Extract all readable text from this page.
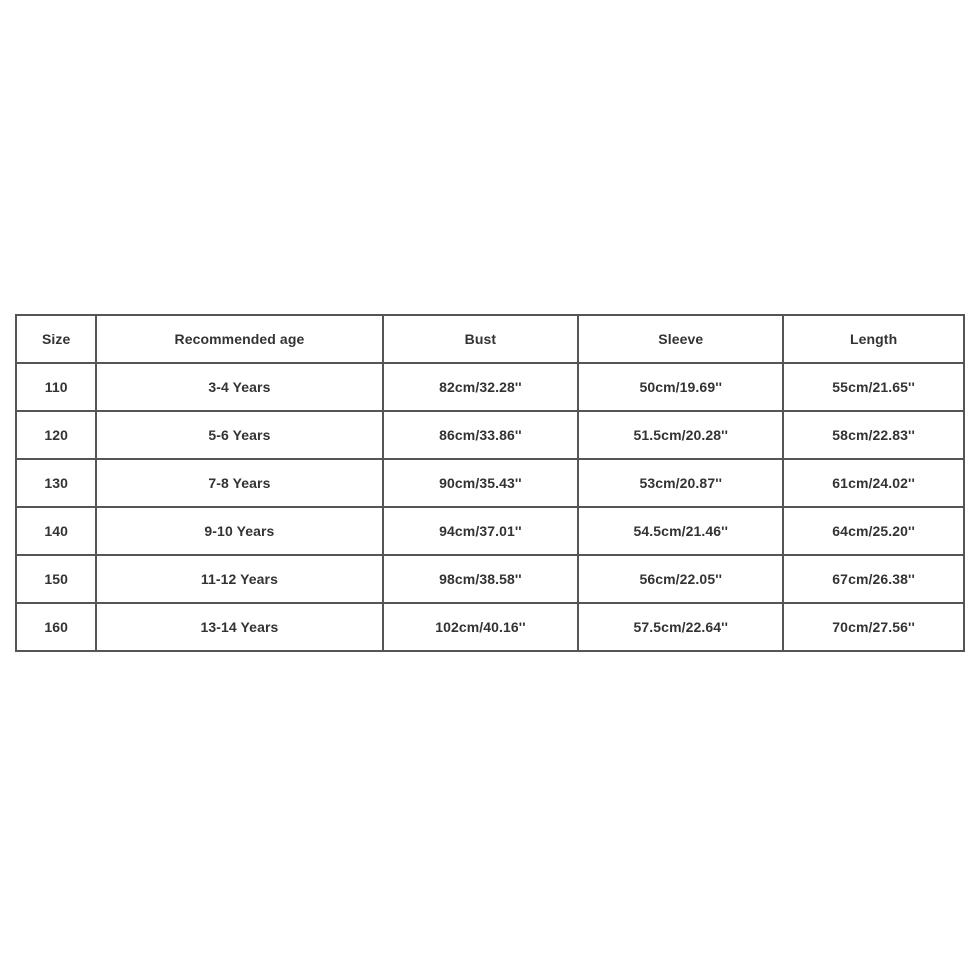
Size	Recommended age	Bust	Sleeve	Length
110	3-4 Years	82cm/32.28''	50cm/19.69''	55cm/21.65''
120	5-6 Years	86cm/33.86''	51.5cm/20.28''	58cm/22.83''
130	7-8 Years	90cm/35.43''	53cm/20.87''	61cm/24.02''
140	9-10 Years	94cm/37.01''	54.5cm/21.46''	64cm/25.20''
150	11-12 Years	98cm/38.58''	56cm/22.05''	67cm/26.38''
160	13-14 Years	102cm/40.16''	57.5cm/22.64''	70cm/27.56''
